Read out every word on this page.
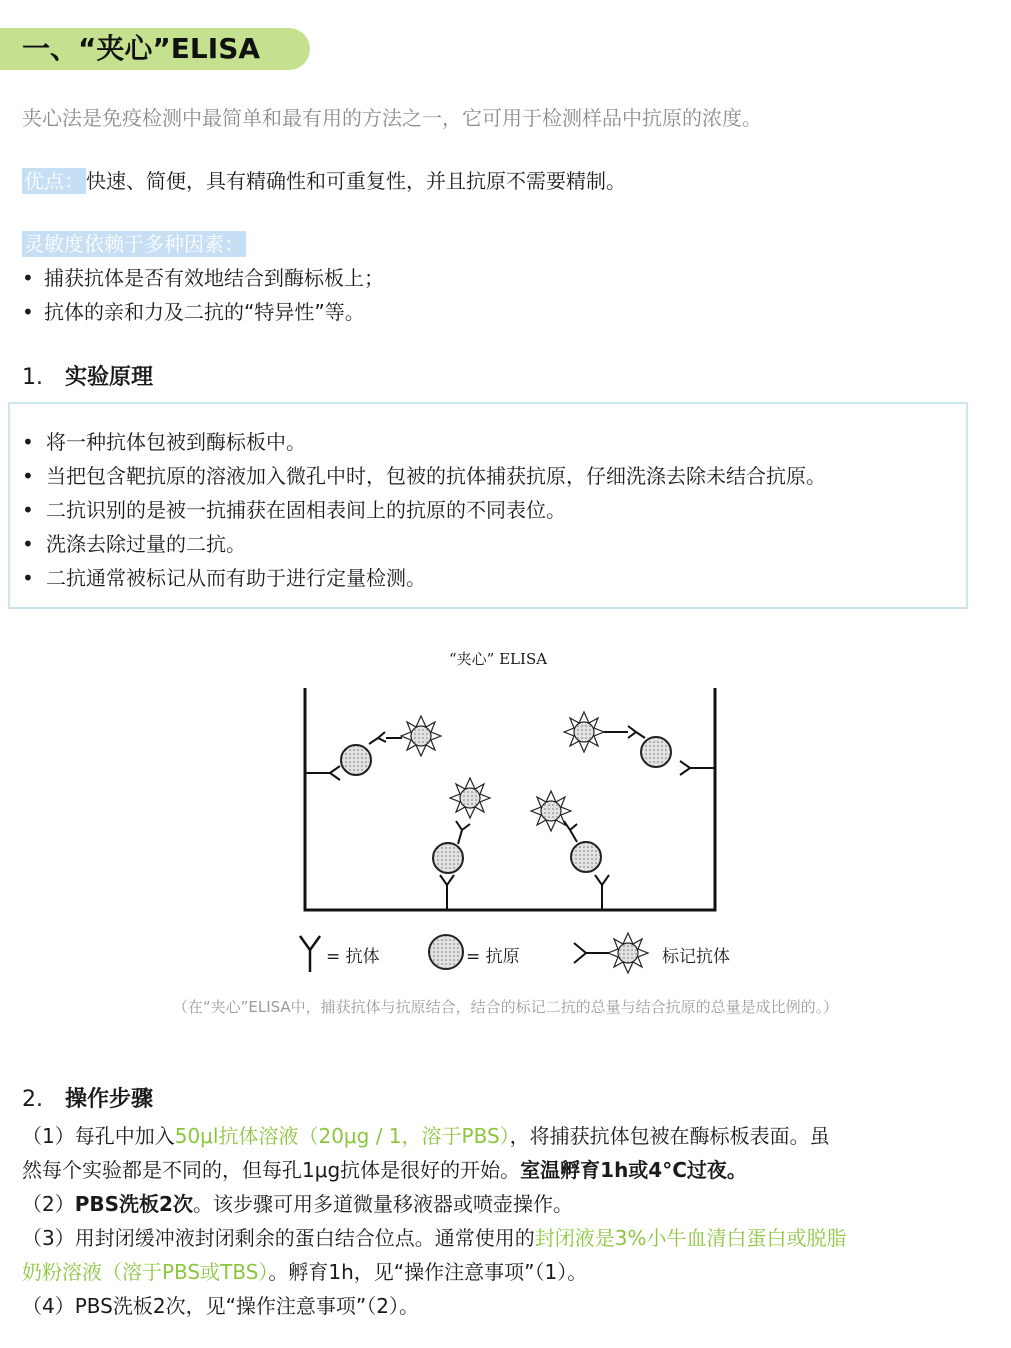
一、“夹心”ELISA
夹心法是免疫检测中最简单和最有用的方法之一，它可用于检测样品中抗原的浓度。
优点： 快速、简便，具有精确性和可重复性，并且抗原不需要精制。
灵敏度依赖于多种因素：
• 捕获抗体是否有效地结合到酶标板上；
• 抗体的亲和力及二抗的“特异性”等。
1. 实验原理
• 将一种抗体包被到酶标板中。
• 当把包含靶抗原的溶液加入微孔中时，包被的抗体捕获抗原，仔细洗涤去除未结合抗原。
• 二抗识别的是被一抗捕获在固相表间上的抗原的不同表位。
• 洗涤去除过量的二抗。
• 二抗通常被标记从而有助于进行定量检测。
“夹心” ELISA
= 抗体	= 抗原	标记抗体
（在“夹心”ELISA中，捕获抗体与抗原结合，结合的标记二抗的总量与结合抗原的总量是成比例的。）
2. 操作步骤
（1）每孔中加入50μl抗体溶液（20μg / 1，溶于PBS），将捕获抗体包被在酶标板表面。虽
然每个实验都是不同的，但每孔1μg抗体是很好的开始。室温孵育1h或4°C过夜。
（2）PBS洗板2次。该步骤可用多道微量移液器或喷壶操作。
（3）用封闭缓冲液封闭剩余的蛋白结合位点。通常使用的封闭液是3%小牛血清白蛋白或脱脂
奶粉溶液（溶于PBS或TBS）。孵育1h，见“操作注意事项”（1）。
（4）PBS洗板2次，见“操作注意事项”（2）。
